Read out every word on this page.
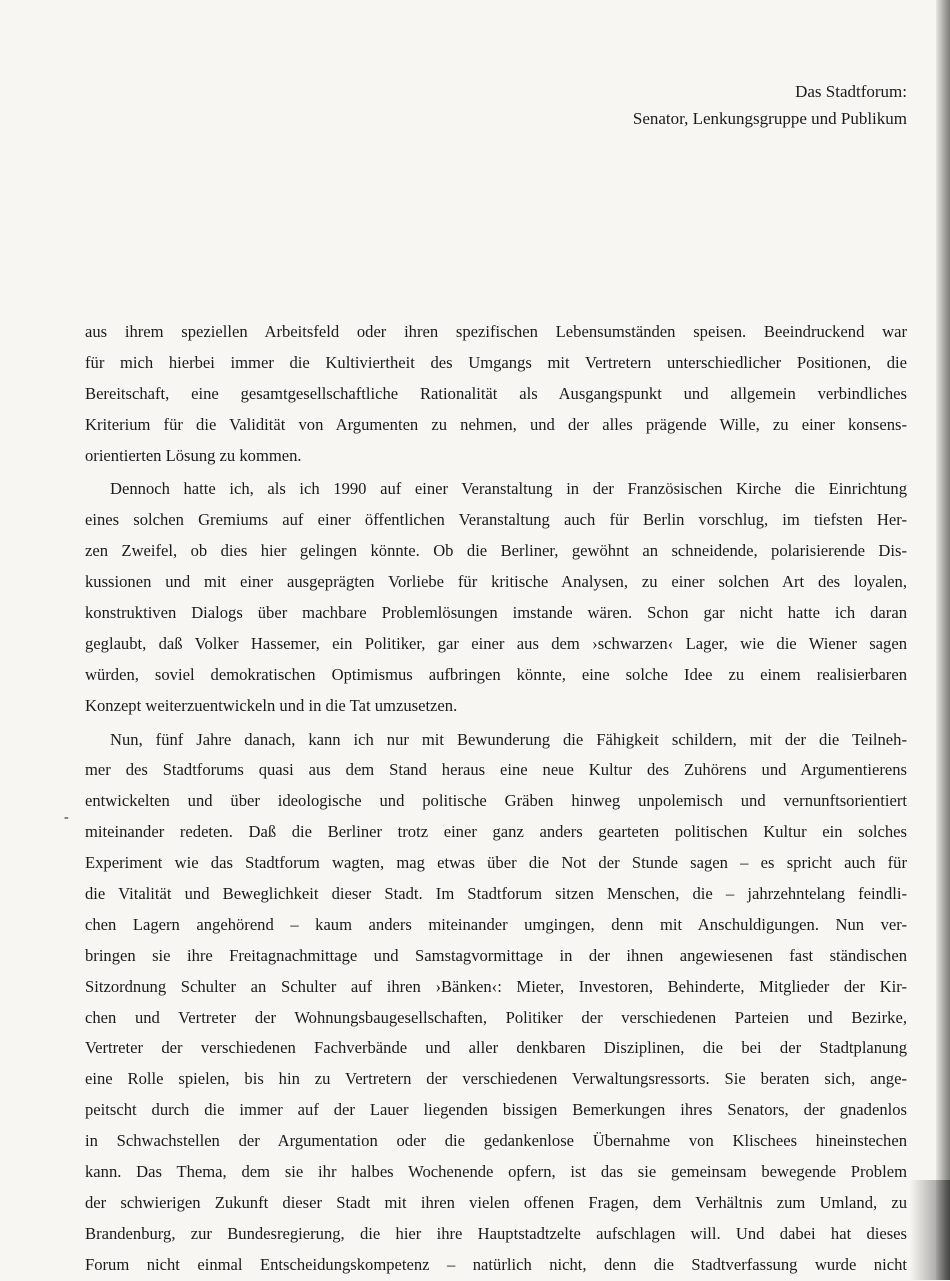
Das Stadtforum:
Senator, Lenkungsgruppe und Publikum
-
aus ihrem speziellen Arbeitsfeld oder ihren spezifischen Lebensumständen speisen. Beeindruckend war
für mich hierbei immer die Kultiviertheit des Umgangs mit Vertretern unterschiedlicher Positionen, die
Bereitschaft, eine gesamtgesellschaftliche Rationalität als Ausgangspunkt und allgemein verbindliches
Kriterium für die Validität von Argumenten zu nehmen, und der alles prägende Wille, zu einer konsens-
orientierten Lösung zu kommen.
Dennoch hatte ich, als ich 1990 auf einer Veranstaltung in der Französischen Kirche die Einrichtung
eines solchen Gremiums auf einer öffentlichen Veranstaltung auch für Berlin vorschlug, im tiefsten Her-
zen Zweifel, ob dies hier gelingen könnte. Ob die Berliner, gewöhnt an schneidende, polarisierende Dis-
kussionen und mit einer ausgeprägten Vorliebe für kritische Analysen, zu einer solchen Art des loyalen,
konstruktiven Dialogs über machbare Problemlösungen imstande wären. Schon gar nicht hatte ich daran
geglaubt, daß Volker Hassemer, ein Politiker, gar einer aus dem ›schwarzen‹ Lager, wie die Wiener sagen
würden, soviel demokratischen Optimismus aufbringen könnte, eine solche Idee zu einem realisierbaren
Konzept weiterzuentwickeln und in die Tat umzusetzen.
Nun, fünf Jahre danach, kann ich nur mit Bewunderung die Fähigkeit schildern, mit der die Teilneh-
mer des Stadtforums quasi aus dem Stand heraus eine neue Kultur des Zuhörens und Argumentierens
entwickelten und über ideologische und politische Gräben hinweg unpolemisch und vernunftsorientiert
miteinander redeten. Daß die Berliner trotz einer ganz anders gearteten politischen Kultur ein solches
Experiment wie das Stadtforum wagten, mag etwas über die Not der Stunde sagen – es spricht auch für
die Vitalität und Beweglichkeit dieser Stadt. Im Stadtforum sitzen Menschen, die – jahrzehntelang feindli-
chen Lagern angehörend – kaum anders miteinander umgingen, denn mit Anschuldigungen. Nun ver-
bringen sie ihre Freitagnachmittage und Samstagvormittage in der ihnen angewiesenen fast ständischen
Sitzordnung Schulter an Schulter auf ihren ›Bänken‹: Mieter, Investoren, Behinderte, Mitglieder der Kir-
chen und Vertreter der Wohnungsbaugesellschaften, Politiker der verschiedenen Parteien und Bezirke,
Vertreter der verschiedenen Fachverbände und aller denkbaren Disziplinen, die bei der Stadtplanung
eine Rolle spielen, bis hin zu Vertretern der verschiedenen Verwaltungsressorts. Sie beraten sich, ange-
peitscht durch die immer auf der Lauer liegenden bissigen Bemerkungen ihres Senators, der gnadenlos
in Schwachstellen der Argumentation oder die gedankenlose Übernahme von Klischees hineinstechen
kann. Das Thema, dem sie ihr halbes Wochenende opfern, ist das sie gemeinsam bewegende Problem
der schwierigen Zukunft dieser Stadt mit ihren vielen offenen Fragen, dem Verhältnis zum Umland, zu
Brandenburg, zur Bundesregierung, die hier ihre Hauptstadtzelte aufschlagen will. Und dabei hat dieses
Forum nicht einmal Entscheidungskompetenz – natürlich nicht, denn die Stadtverfassung wurde nicht
